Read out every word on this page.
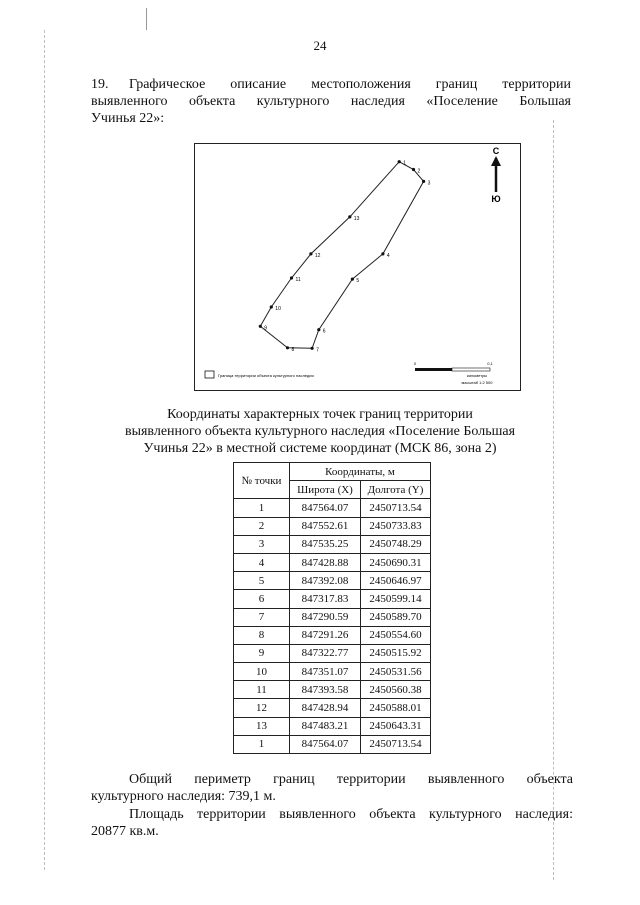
24
19. Графическое описание местоположения границ территории
выявленного объекта культурного наследия «Поселение Большая
Учинья 22»:
1
2
3
4
5
6
7
8
9
10
11
12
13
С
Ю
Граница территории объекта культурного наследия
0	0,1
километры
масштаб 1:2 500
Координаты характерных точек границ территории
выявленного объекта культурного наследия «Поселение Большая
Учинья 22» в местной системе координат (МСК 86, зона 2)
№ точки	Координаты, м	
	Широта (X)	Долгота (Y)
1	847564.07	2450713.54
2	847552.61	2450733.83
3	847535.25	2450748.29
4	847428.88	2450690.31
5	847392.08	2450646.97
6	847317.83	2450599.14
7	847290.59	2450589.70
8	847291.26	2450554.60
9	847322.77	2450515.92
10	847351.07	2450531.56
11	847393.58	2450560.38
12	847428.94	2450588.01
13	847483.21	2450643.31
1	847564.07	2450713.54
Общий периметр границ территории выявленного объекта
культурного наследия: 739,1 м.
Площадь территории выявленного объекта культурного наследия:
20877 кв.м.
